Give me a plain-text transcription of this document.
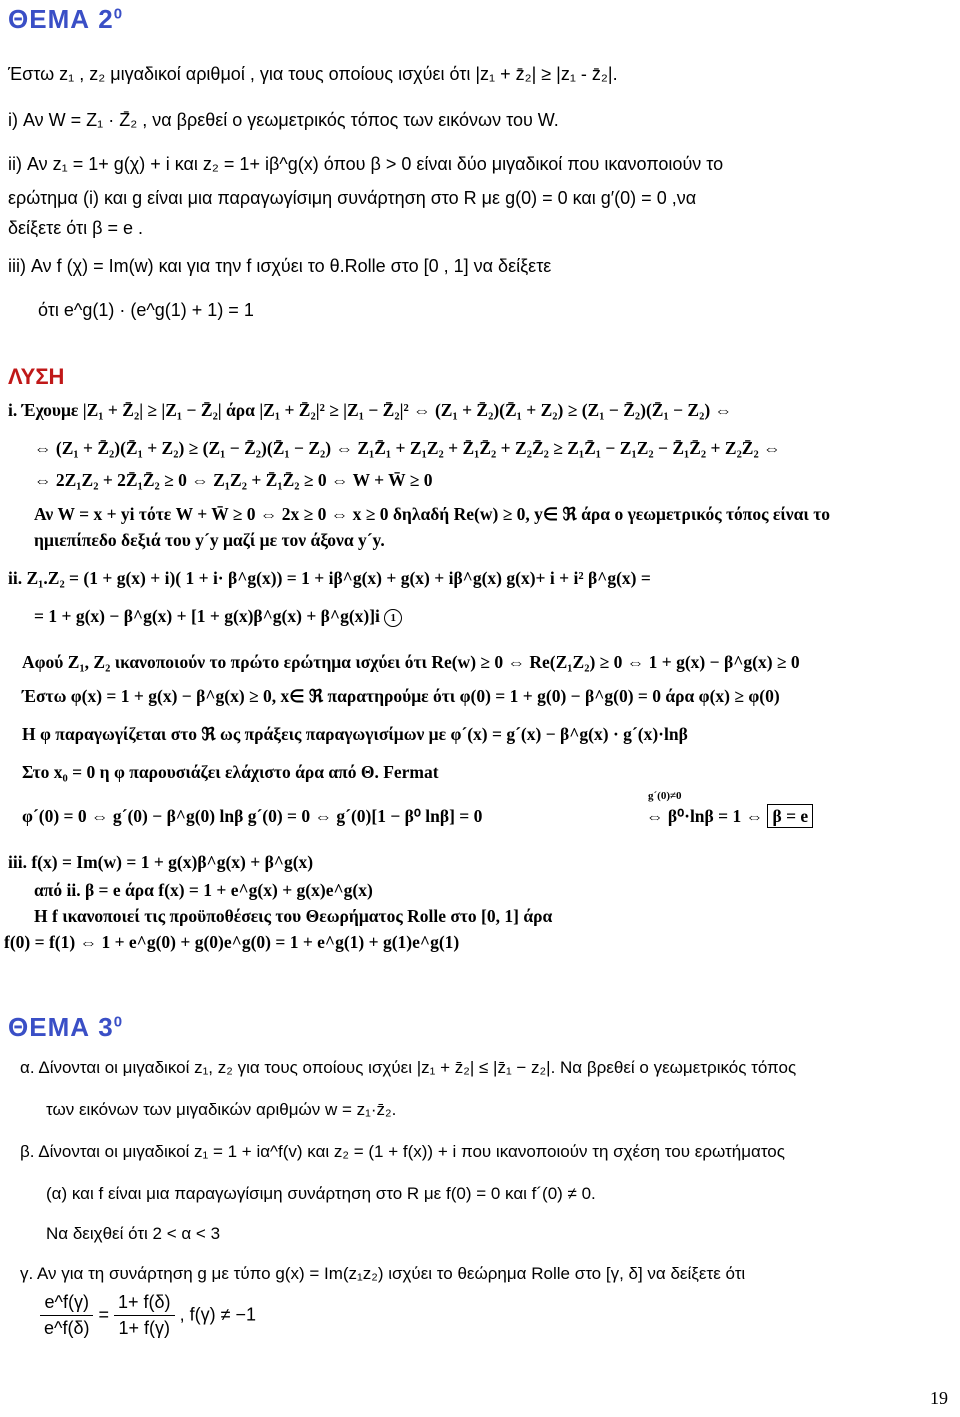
ΘΕΜΑ $2^0$
Έστω z₁ , z₂ μιγαδικοί αριθμοί , για τους οποίους ισχύει ότι |z₁ + z̄₂| ≥ |z₁ - z̄₂|.
i) Αν W = Z₁ · Z̄₂ , να βρεθεί ο γεωμετρικός τόπος των εικόνων του W.
ii) Αν z₁ = 1+ g(χ) + i και z₂ = 1+ iβ^g(x) όπου β > 0 είναι δύο μιγαδικοί που ικανοποιούν το
ερώτημα (i) και g είναι μια παραγωγίσιμη συνάρτηση στο R με g(0) = 0 και g′(0) = 0 ,να
δείξετε ότι β = e .
iii) Αν f (χ) = Im(w) και για την f ισχύει το θ.Rolle στο [0 , 1] να δείξετε
ότι e^g(1) · (e^g(1) + 1) = 1
ΛΥΣΗ
i. Έχουμε |Z₁ + Z̄₂| ≥ |Z₁ − Z̄₂| άρα |Z₁ + Z̄₂|² ≥ |Z₁ − Z̄₂|² ⇔ (Z₁ + Z̄₂)(Z̄₁ + Z₂) ≥ (Z₁ − Z̄₂)(Z̄₁ − Z₂) ⇔
⇔ (Z₁ + Z̄₂)(Z̄₁ + Z₂) ≥ (Z₁ − Z̄₂)(Z̄₁ − Z₂) ⇔ Z₁Z̄₁ + Z₁Z₂ + Z̄₁Z̄₂ + Z₂Z̄₂ ≥ Z₁Z̄₁ − Z₁Z₂ − Z̄₁Z̄₂ + Z₂Z̄₂ ⇔
⇔ 2Z₁Z₂ + 2Z̄₁Z̄₂ ≥ 0 ⇔ Z₁Z₂ + Z̄₁Z̄₂ ≥ 0 ⇔ W + W̄ ≥ 0
Αν W = x + yi τότε W + W̄ ≥ 0 ⇔ 2x ≥ 0 ⇔ x ≥ 0 δηλαδή Re(w) ≥ 0, y∈ ℜ άρα ο γεωμετρικός τόπος είναι το
ημιεπίπεδο δεξιά του y´y μαζί με τον άξονα y´y.
ii. Z₁.Z₂ = (1 + g(x) + i)( 1 + i· β^g(x)) = 1 + iβ^g(x) + g(x) + iβ^g(x) g(x)+ i + i² β^g(x) =
= 1 + g(x) − β^g(x) + [1 + g(x)β^g(x) + β^g(x)]i 1
Αφού Z₁, Z₂ ικανοποιούν το πρώτο ερώτημα ισχύει ότι Re(w) ≥ 0 ⇔ Re(Z₁Z₂) ≥ 0 ⇔ 1 + g(x) − β^g(x) ≥ 0
Έστω φ(x) = 1 + g(x) − β^g(x) ≥ 0, x∈ ℜ παρατηρούμε ότι φ(0) = 1 + g(0) − β^g(0) = 0 άρα φ(x) ≥ φ(0)
Η φ παραγωγίζεται στο ℜ ως πράξεις παραγωγισίμων με φ´(x) = g´(x) − β^g(x) · g´(x)·lnβ
Στο x₀ = 0 η φ παρουσιάζει ελάχιστο άρα από Θ. Fermat
φ´(0) = 0 ⇔ g´(0) − β^g(0) lnβ g´(0) = 0 ⇔ g´(0)[1 − β⁰ lnβ] = 0
g´(0)≠0
⇔ β⁰·lnβ = 1 ⇔ β = e
iii. f(x) = Im(w) = 1 + g(x)β^g(x) + β^g(x)
από ii. β = e άρα f(x) = 1 + e^g(x) + g(x)e^g(x)
Η f ικανοποιεί τις προϋποθέσεις του Θεωρήματος Rolle στο [0, 1] άρα
f(0) = f(1) ⇔ 1 + e^g(0) + g(0)e^g(0) = 1 + e^g(1) + g(1)e^g(1)
ΘΕΜΑ $3^0$
α. Δίνονται οι μιγαδικοί z₁, z₂ για τους οποίους ισχύει |z₁ + z̄₂| ≤ |z̄₁ − z₂|. Να βρεθεί ο γεωμετρικός τόπος
των εικόνων των μιγαδικών αριθμών w = z₁·z̄₂.
β. Δίνονται οι μιγαδικοί z₁ = 1 + iα^f(v) και z₂ = (1 + f(x)) + i που ικανοποιούν τη σχέση του ερωτήματος
(α) και f είναι μια παραγωγίσιμη συνάρτηση στο R με f(0) = 0 και f´(0) ≠ 0.
Να δειχθεί ότι 2 < α < 3
γ. Αν για τη συνάρτηση g με τύπο g(x) = Im(z₁z₂) ισχύει το θεώρημα Rolle στο [γ, δ] να δείξετε ότι
$\frac{e\^{}f(\gamma)}{e\^{}f(\delta)} = \frac{1+ f(\delta)}{1+ f(\gamma)}$ , f(γ) ≠ −1
19
